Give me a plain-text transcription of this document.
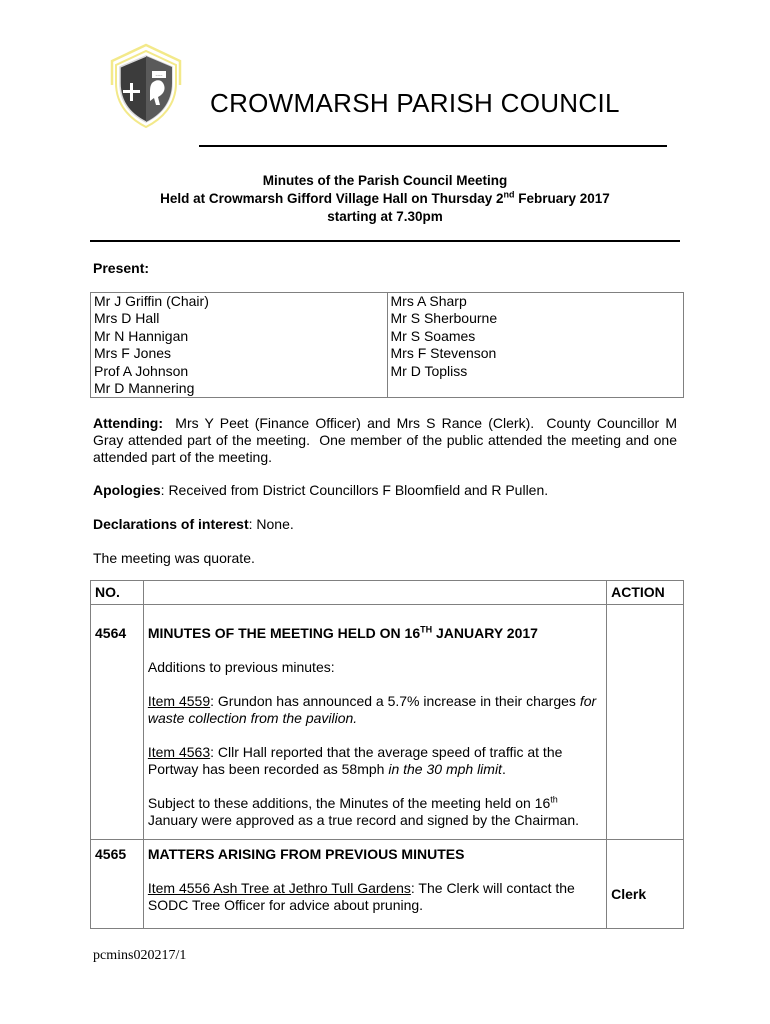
~~~
CROWMARSH PARISH COUNCIL
Minutes of the Parish Council Meeting
Held at Crowmarsh Gifford Village Hall on Thursday 2nd February 2017
starting at 7.30pm
Present:
Mr J Griffin (Chair)
Mrs D Hall
Mr N Hannigan
Mrs F Jones
Prof A Johnson
Mr D Mannering

Mrs A Sharp
Mr S Sherbourne
Mr S Soames
Mrs F Stevenson
Mr D Topliss
Attending:  Mrs Y Peet (Finance Officer) and Mrs S Rance (Clerk).  County Councillor M Gray attended part of the meeting.  One member of the public attended the meeting and one attended part of the meeting.
Apologies: Received from District Councillors F Bloomfield and R Pullen.
Declarations of interest: None.
The meeting was quorate.
NO.		ACTION
4564	MINUTES OF THE MEETING HELD ON 16TH JANUARY 2017
Additions to previous minutes:
Item 4559: Grundon has announced a 5.7% increase in their charges for waste collection from the pavilion.
Item 4563: Cllr Hall reported that the average speed of traffic at the Portway has been recorded as 58mph in the 30 mph limit.
Subject to these additions, the Minutes of the meeting held on 16th January were approved as a true record and signed by the Chairman.	

4565	MATTERS ARISING FROM PREVIOUS MINUTES
Item 4556 Ash Tree at Jethro Tull Gardens: The Clerk will contact the SODC Tree Officer for advice about pruning.	Clerk
pcmins020217/1
